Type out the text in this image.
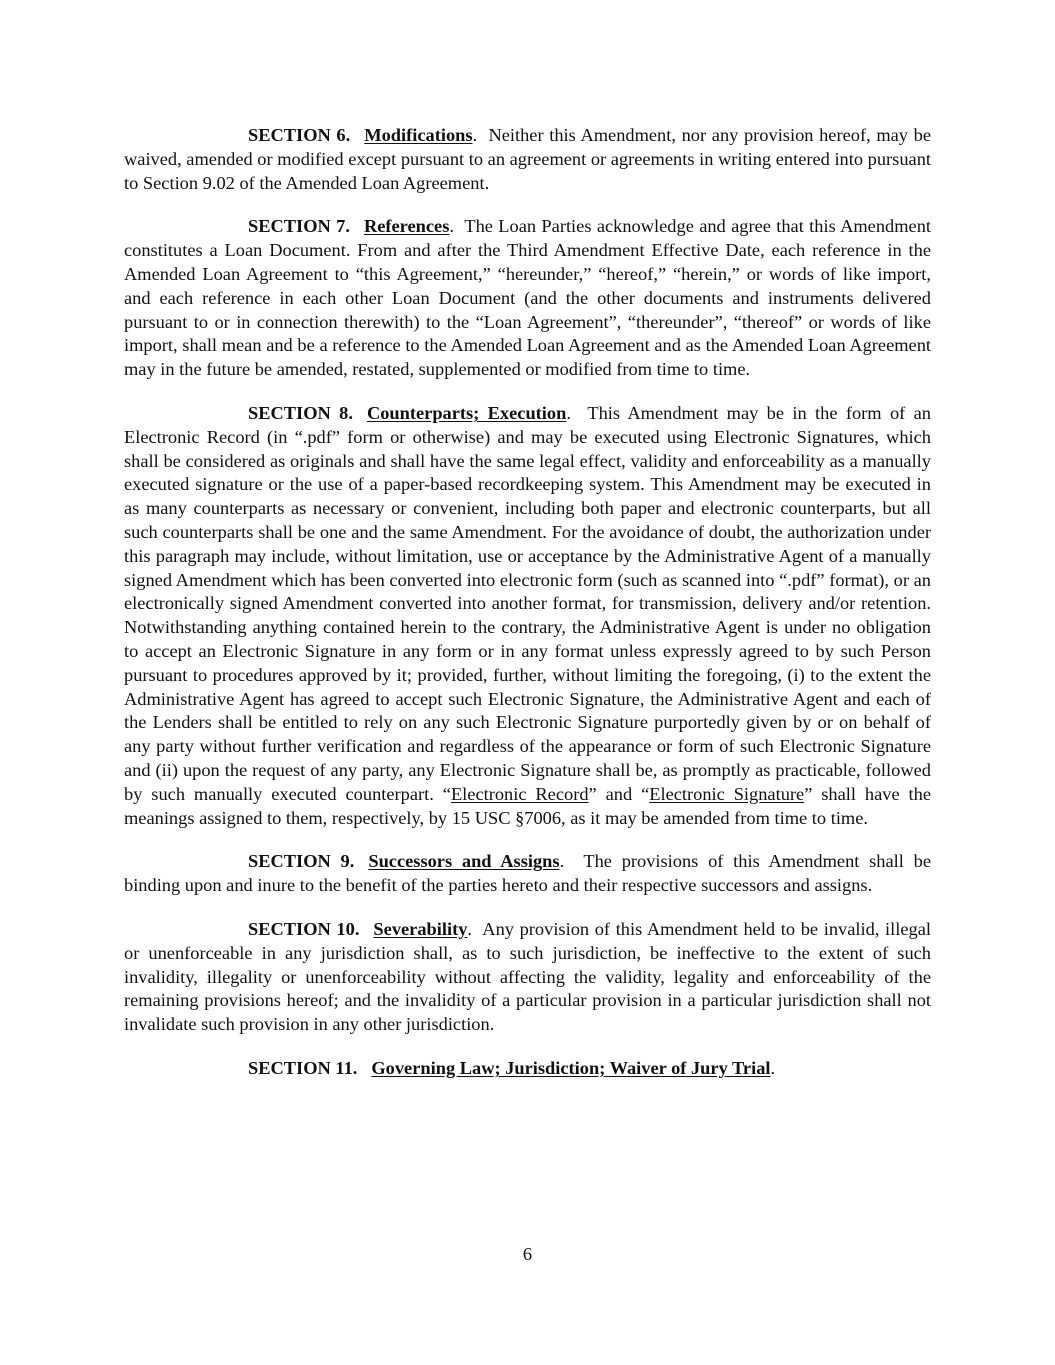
SECTION 6. Modifications. Neither this Amendment, nor any provision hereof, may be waived, amended or modified except pursuant to an agreement or agreements in writing entered into pursuant to Section 9.02 of the Amended Loan Agreement.

SECTION 7. References. The Loan Parties acknowledge and agree that this Amendment constitutes a Loan Document. From and after the Third Amendment Effective Date, each reference in the Amended Loan Agreement to “this Agreement,” “hereunder,” “hereof,” “herein,” or words of like import, and each reference in each other Loan Document (and the other documents and instruments delivered pursuant to or in connection therewith) to the “Loan Agreement”, “thereunder”, “thereof” or words of like import, shall mean and be a reference to the Amended Loan Agreement and as the Amended Loan Agreement may in the future be amended, restated, supplemented or modified from time to time.

SECTION 8. Counterparts; Execution. This Amendment may be in the form of an Electronic Record (in “.pdf” form or otherwise) and may be executed using Electronic Signatures, which shall be considered as originals and shall have the same legal effect, validity and enforceability as a manually executed signature or the use of a paper-based recordkeeping system. This Amendment may be executed in as many counterparts as necessary or convenient, including both paper and electronic counterparts, but all such counterparts shall be one and the same Amendment. For the avoidance of doubt, the authorization under this paragraph may include, without limitation, use or acceptance by the Administrative Agent of a manually signed Amendment which has been converted into electronic form (such as scanned into “.pdf” format), or an electronically signed Amendment converted into another format, for transmission, delivery and/or retention. Notwithstanding anything contained herein to the contrary, the Administrative Agent is under no obligation to accept an Electronic Signature in any form or in any format unless expressly agreed to by such Person pursuant to procedures approved by it; provided, further, without limiting the foregoing, (i) to the extent the Administrative Agent has agreed to accept such Electronic Signature, the Administrative Agent and each of the Lenders shall be entitled to rely on any such Electronic Signature purportedly given by or on behalf of any party without further verification and regardless of the appearance or form of such Electronic Signature and (ii) upon the request of any party, any Electronic Signature shall be, as promptly as practicable, followed by such manually executed counterpart. “Electronic Record” and “Electronic Signature” shall have the meanings assigned to them, respectively, by 15 USC §7006, as it may be amended from time to time.

SECTION 9. Successors and Assigns. The provisions of this Amendment shall be binding upon and inure to the benefit of the parties hereto and their respective successors and assigns.

SECTION 10. Severability. Any provision of this Amendment held to be invalid, illegal or unenforceable in any jurisdiction shall, as to such jurisdiction, be ineffective to the extent of such invalidity, illegality or unenforceability without affecting the validity, legality and enforceability of the remaining provisions hereof; and the invalidity of a particular provision in a particular jurisdiction shall not invalidate such provision in any other jurisdiction.

SECTION 11. Governing Law; Jurisdiction; Waiver of Jury Trial.

6
